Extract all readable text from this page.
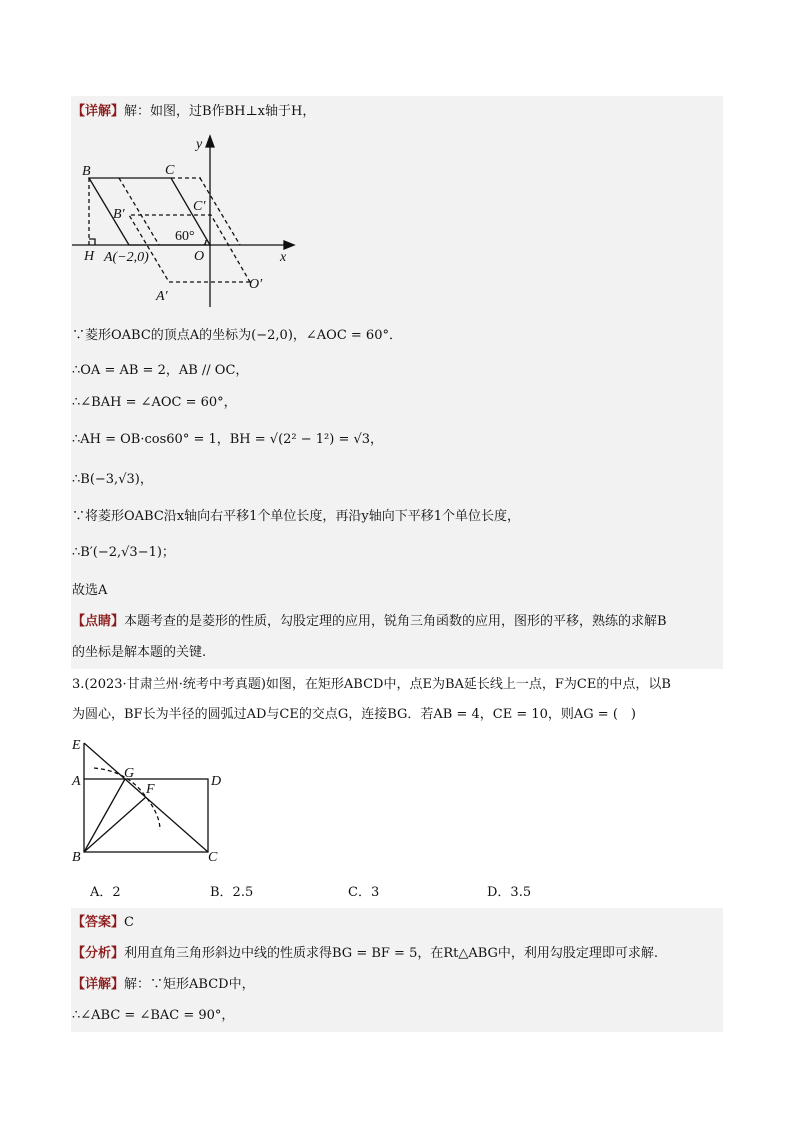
【详解】解：如图，过B作BH⊥x轴于H，
y
x
B	C
B′
C′
60°
H A(−2,0)	O
A′
O′
∵菱形OABC的顶点A的坐标为(−2,0)，∠AOC = 60°．
∴OA = AB = 2，AB // OC，
∴∠BAH = ∠AOC = 60°，
∴AH = OB·cos60° = 1，BH = √(2² − 1²) = √3，
∴B(−3,√3)，
∵将菱形OABC沿x轴向右平移1个单位长度，再沿y轴向下平移1个单位长度，
∴B′(−2,√3−1)；
故选A
【点睛】本题考查的是菱形的性质，勾股定理的应用，锐角三角函数的应用，图形的平移，熟练的求解B
的坐标是解本题的关键.
3.(2023·甘肃兰州·统考中考真题)如图，在矩形ABCD中，点E为BA延长线上一点，F为CE的中点，以B
为圆心，BF长为半径的圆弧过AD与CE的交点G，连接BG．若AB = 4，CE = 10，则AG = (　)
E
A
G
D
F
B	C
A．2	B．2.5	C．3	D．3.5
【答案】C
【分析】利用直角三角形斜边中线的性质求得BG = BF = 5，在Rt△ABG中，利用勾股定理即可求解.
【详解】解：∵矩形ABCD中，
∴∠ABC = ∠BAC = 90°，
